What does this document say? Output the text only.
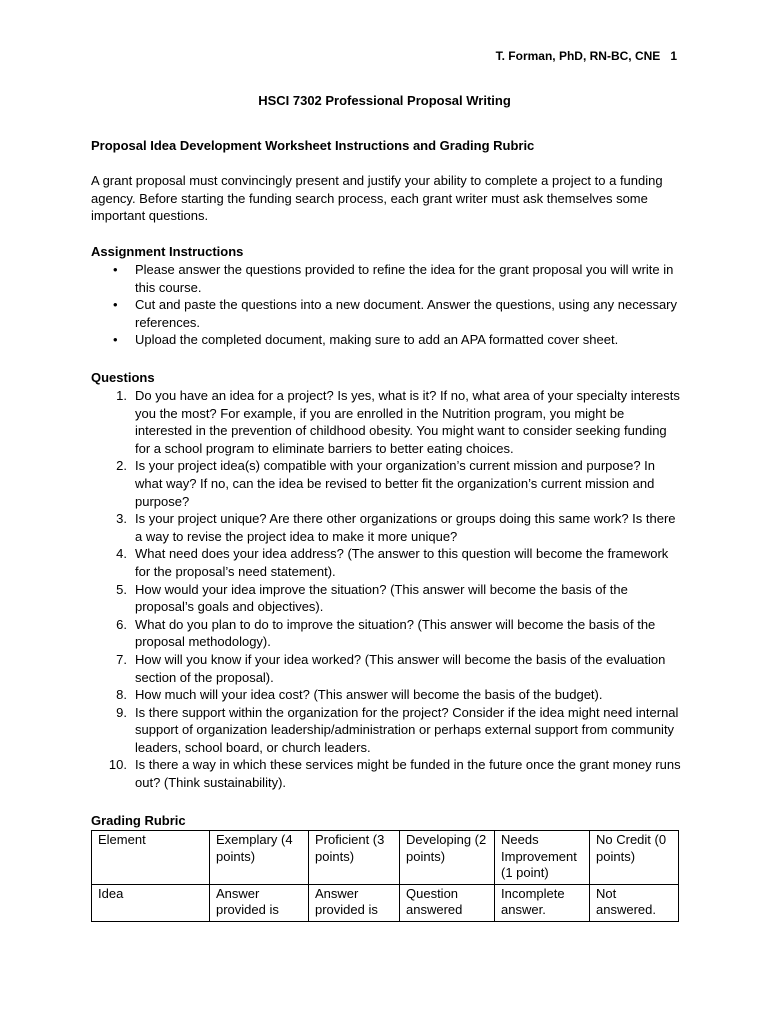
T. Forman, PhD, RN-BC, CNE 1
HSCI 7302 Professional Proposal Writing
Proposal Idea Development Worksheet Instructions and Grading Rubric
A grant proposal must convincingly present and justify your ability to complete a project to a funding agency. Before starting the funding search process, each grant writer must ask themselves some important questions.
Assignment Instructions
• Please answer the questions provided to refine the idea for the grant proposal you will write in this course.
• Cut and paste the questions into a new document. Answer the questions, using any necessary references.
• Upload the completed document, making sure to add an APA formatted cover sheet.
Questions
1. Do you have an idea for a project? Is yes, what is it? If no, what area of your specialty interests you the most? For example, if you are enrolled in the Nutrition program, you might be interested in the prevention of childhood obesity. You might want to consider seeking funding for a school program to eliminate barriers to better eating choices.
2. Is your project idea(s) compatible with your organization’s current mission and purpose? In what way? If no, can the idea be revised to better fit the organization’s current mission and purpose?
3. Is your project unique? Are there other organizations or groups doing this same work? Is there a way to revise the project idea to make it more unique?
4. What need does your idea address? (The answer to this question will become the framework for the proposal’s need statement).
5. How would your idea improve the situation? (This answer will become the basis of the proposal’s goals and objectives).
6. What do you plan to do to improve the situation? (This answer will become the basis of the proposal methodology).
7. How will you know if your idea worked? (This answer will become the basis of the evaluation section of the proposal).
8. How much will your idea cost? (This answer will become the basis of the budget).
9. Is there support within the organization for the project? Consider if the idea might need internal support of organization leadership/administration or perhaps external support from community leaders, school board, or church leaders.
10. Is there a way in which these services might be funded in the future once the grant money runs out? (Think sustainability).
Grading Rubric
Element	Exemplary (4 points)	Proficient (3 points)	Developing (2 points)	Needs Improvement (1 point)	No Credit (0 points)
Idea	Answer provided is	Answer provided is	Question answered	Incomplete answer.	Not answered.
